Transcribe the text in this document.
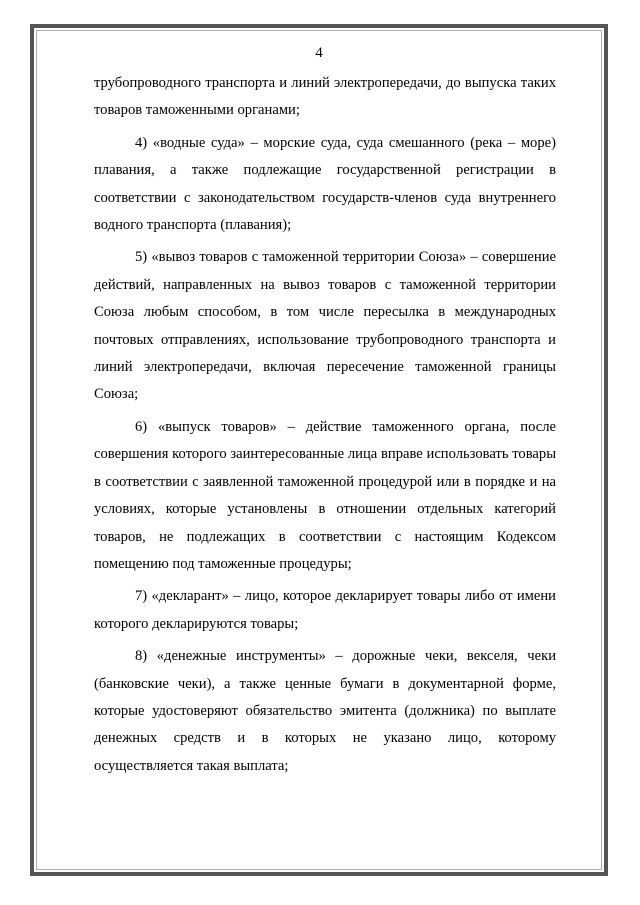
4

трубопроводного транспорта и линий электропередачи, до выпуска таких товаров таможенными органами;

4) «водные суда» – морские суда, суда смешанного (река – море) плавания, а также подлежащие государственной регистрации в соответствии с законодательством государств-членов суда внутреннего водного транспорта (плавания);

5) «вывоз товаров с таможенной территории Союза» – совершение действий, направленных на вывоз товаров с таможенной территории Союза любым способом, в том числе пересылка в международных почтовых отправлениях, использование трубопроводного транспорта и линий электропередачи, включая пересечение таможенной границы Союза;

6) «выпуск товаров» – действие таможенного органа, после совершения которого заинтересованные лица вправе использовать товары в соответствии с заявленной таможенной процедурой или в порядке и на условиях, которые установлены в отношении отдельных категорий товаров, не подлежащих в соответствии с настоящим Кодексом помещению под таможенные процедуры;

7) «декларант» – лицо, которое декларирует товары либо от имени которого декларируются товары;

8) «денежные инструменты» – дорожные чеки, векселя, чеки (банковские чеки), а также ценные бумаги в документарной форме, которые удостоверяют обязательство эмитента (должника) по выплате денежных средств и в которых не указано лицо, которому осуществляется такая выплата;
